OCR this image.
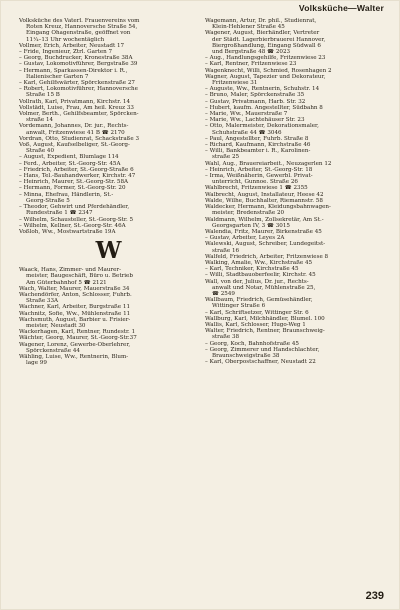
Volksküche—Walter

Volksküche des Vaterl. Frauenvereins vom

Roten Kreuz, Hannoversche Straße 54,

Eingang Ohagenstraße, geöffnet von

11¼–13 Uhr wochentäglich

Vollmer, Erich, Arbeiter, Neustadt 17

– Fride, Ingenieur, Ztrl. Garten 7

– Georg, Buchdrucker, Kronestraße 38A

– Gustav, Lokomotivführer, Bergstraße 39

– Hermann, Sparkassen-Direktor i. R.,

Italienischer Garten 7

– Karl, Gehilfswärter, Spörckenstraße 27

– Robert, Lokomotivführer, Hannoversche

Straße 15 B

Vollrath, Karl, Privatmann, Kirchstr. 14

Vollstädt, Luise, Frau, Am heil. Kreuz 33

Volmer, Berth., Gehilfsbeamter, Spörcken-

straße 14

Vordemann, Johannes, Dr. jur., Rechts-

anwalt, Fritzenwiese 41 B ☎ 2170

Vordran, Otto, Studienrat, Schackstraße 3

Voß, August, Kaufselbeliger, St.-Georg-

Straße 40

– August, Expedient, Blumlage 114

– Ferd., Arbeiter, St.-Georg-Str. 45A

– Friedrich, Arbeiter, St.-Georg-Straße 6

– Hans, Tel.-Bauhandwerker, Kirchstr. 47

– Heinrich, Maurer, St.-Georg-Str. 58A

– Hermann, Former, St.-Georg-Str. 20

– Minna, Ehefrau, Händlerin, St.-

Georg-Straße 5

– Theodor, Gehwirt und Pferdehändler,

Rundestraße 1 ☎ 2347

– Wilhelm, Schausteller, St.-Georg-Str. 5

– Wilhelm, Kellner, St.-Georg-Str. 46A

Voßloh, Ww., Mostwartstraße 19A

W

Waack, Hans, Zimmer- und Maurer-

meister, Baugeschäft, Büro u. Betrieb

Am Güterbahnhof 5 ☎ 2121

Wach, Walter, Maurer, Mauerstraße 34

Wachendörfer, Anton, Schlosser, Fuhrb.

Straße 33A

Wachner, Karl, Arbeiter, Burgstraße 11

Wachnitz, Sofie, Ww., Mühlenstraße 11

Wachsmuth, August, Barbier u. Frisier-

meister, Neustadt 30

Wackerhagen, Karl, Rentner, Rundestr. 1

Wächter, Georg, Maurer, St.-Georg-Str.37

Wagener, Lorenz, Gewerbe-Oberlehrer,

Spörckenstraße 44

Wähling, Luise, Ww., Rentnerin, Blum-

lage 99

Wagemann, Artur, Dr. phil., Studienrat,

Klein-Hehlener Straße 45

Wagener, August, Bierhändler, Vertreter

der Städt. Lagerbierbrauerei Hannover,

Biergroßhandlung, Eingang Südwall 6

und Bergstraße 48 ☎ 2023

– Aug., Handlungsgehilfe, Fritzenwiese 23

– Karl, Rentner, Fritzenwiese 23

Wagenknecht, Willi, Schmied, Rosenhagen 2

Wagner, August, Tapezier und Dekorateur,

Fritzenwiese 31

– Auguste, Ww., Rentnerin, Schuhstr. 14

– Bruno, Maler, Spörckenstraße 35

– Gustav, Privatmann, Harb. Str. 32

– Hubert, kaufm. Angestellter, Südbahn 8

– Marie, Ww., Mauerstraße 7

– Marie, Ww., Lachtehäuser Str. 23

– Otto, Malermeister, Dekorationsmaler,

Schuhstraße 44 ☎ 3046

– Paul, Angestellter, Fuhrb. Straße 8

– Richard, Kaufmann, Kirchstraße 46

– Willi, Bankbeamter i. R., Karolinen-

straße 25

Wahl, Aug., Brauereiarbeit., Neuzagerlen 12

– Heinrich, Arbeiter, St.-Georg-Str. 18

– Irma, Weißnäherin, Gewerbl. Privat-

unterricht, Gunnoe. Straße 26

Wahlbrecht, Fritzenwiese 1 ☎ 2355

Walbrecht, August, Installateur, Heese 42

Walde, Wilhe, Buchhalter, Riemannstr. 58

Waldecker, Hermann, Kleidungsbahnwagen-

meister, Bredenstraße 20

Waldmann, Wilhelm, Zollsekretär, Am St.-

Georgsgarten IV, 3 ☎ 3015

Walendia, Fritz, Maurer, Birkenstraße 45

– Gustav, Arbeiter, Leyes 2A

Walewski, August, Schreiber, Lundegeitst-

straße 16

Walfeld, Friedrich, Arbeiter, Fritzenwiese 8

Walking, Amalie, Ww., Kirchstraße 45

– Karl, Techniker, Kirchstraße 45

– Willi, Stadtbauoberfeelir, Kirchstr. 45

Wall, von der, Julius, Dr. jur., Rechts-

anwalt und Notar, Mühlenstraße 25,

☎ 2549

Wallbaum, Friedrich, Gemüsehändler,

Wittinger Straße 6

– Karl, Schriftsetzer, Wittinger Str. 6

Wallburg, Karl, Milchhändler, Blumel. 100

Wallis, Karl, Schlosser, Hugo-Weg 1

Walter, Friedrich, Rentner, Braunschweig-

straße 38

– Georg, Koch, Bahnhofstraße 45

– Georg, Zimmerer und Handschlachter,

Braunschweigstraße 38

– Karl, Oberpostschaffner, Neustadt 22

239
